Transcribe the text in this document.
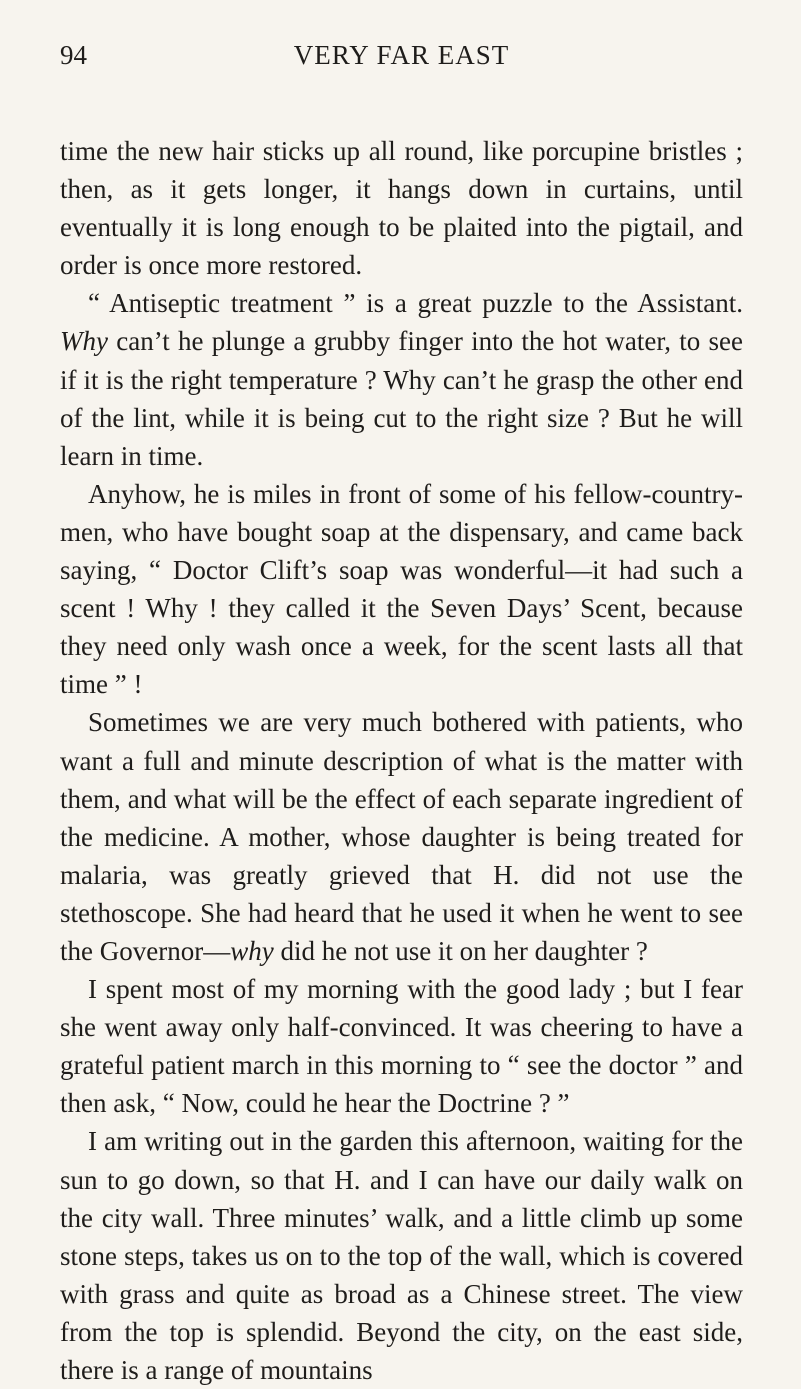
94	VERY FAR EAST

time the new hair sticks up all round, like porcupine bristles ; then, as it gets longer, it hangs down in curtains, until eventually it is long enough to be plaited into the pigtail, and order is once more restored.

“ Antiseptic treatment ” is a great puzzle to the Assistant. Why can’t he plunge a grubby finger into the hot water, to see if it is the right temperature ? Why can’t he grasp the other end of the lint, while it is being cut to the right size ? But he will learn in time.

Anyhow, he is miles in front of some of his fellow-country-men, who have bought soap at the dispensary, and came back saying, “ Doctor Clift’s soap was wonderful—it had such a scent ! Why ! they called it the Seven Days’ Scent, because they need only wash once a week, for the scent lasts all that time ” !

Sometimes we are very much bothered with patients, who want a full and minute description of what is the matter with them, and what will be the effect of each separate ingredient of the medicine. A mother, whose daughter is being treated for malaria, was greatly grieved that H. did not use the stethoscope. She had heard that he used it when he went to see the Governor—why did he not use it on her daughter ?

I spent most of my morning with the good lady ; but I fear she went away only half-convinced. It was cheering to have a grateful patient march in this morning to “ see the doctor ” and then ask, “ Now, could he hear the Doctrine ? ”

I am writing out in the garden this afternoon, waiting for the sun to go down, so that H. and I can have our daily walk on the city wall. Three minutes’ walk, and a little climb up some stone steps, takes us on to the top of the wall, which is covered with grass and quite as broad as a Chinese street. The view from the top is splendid. Beyond the city, on the east side, there is a range of mountains
